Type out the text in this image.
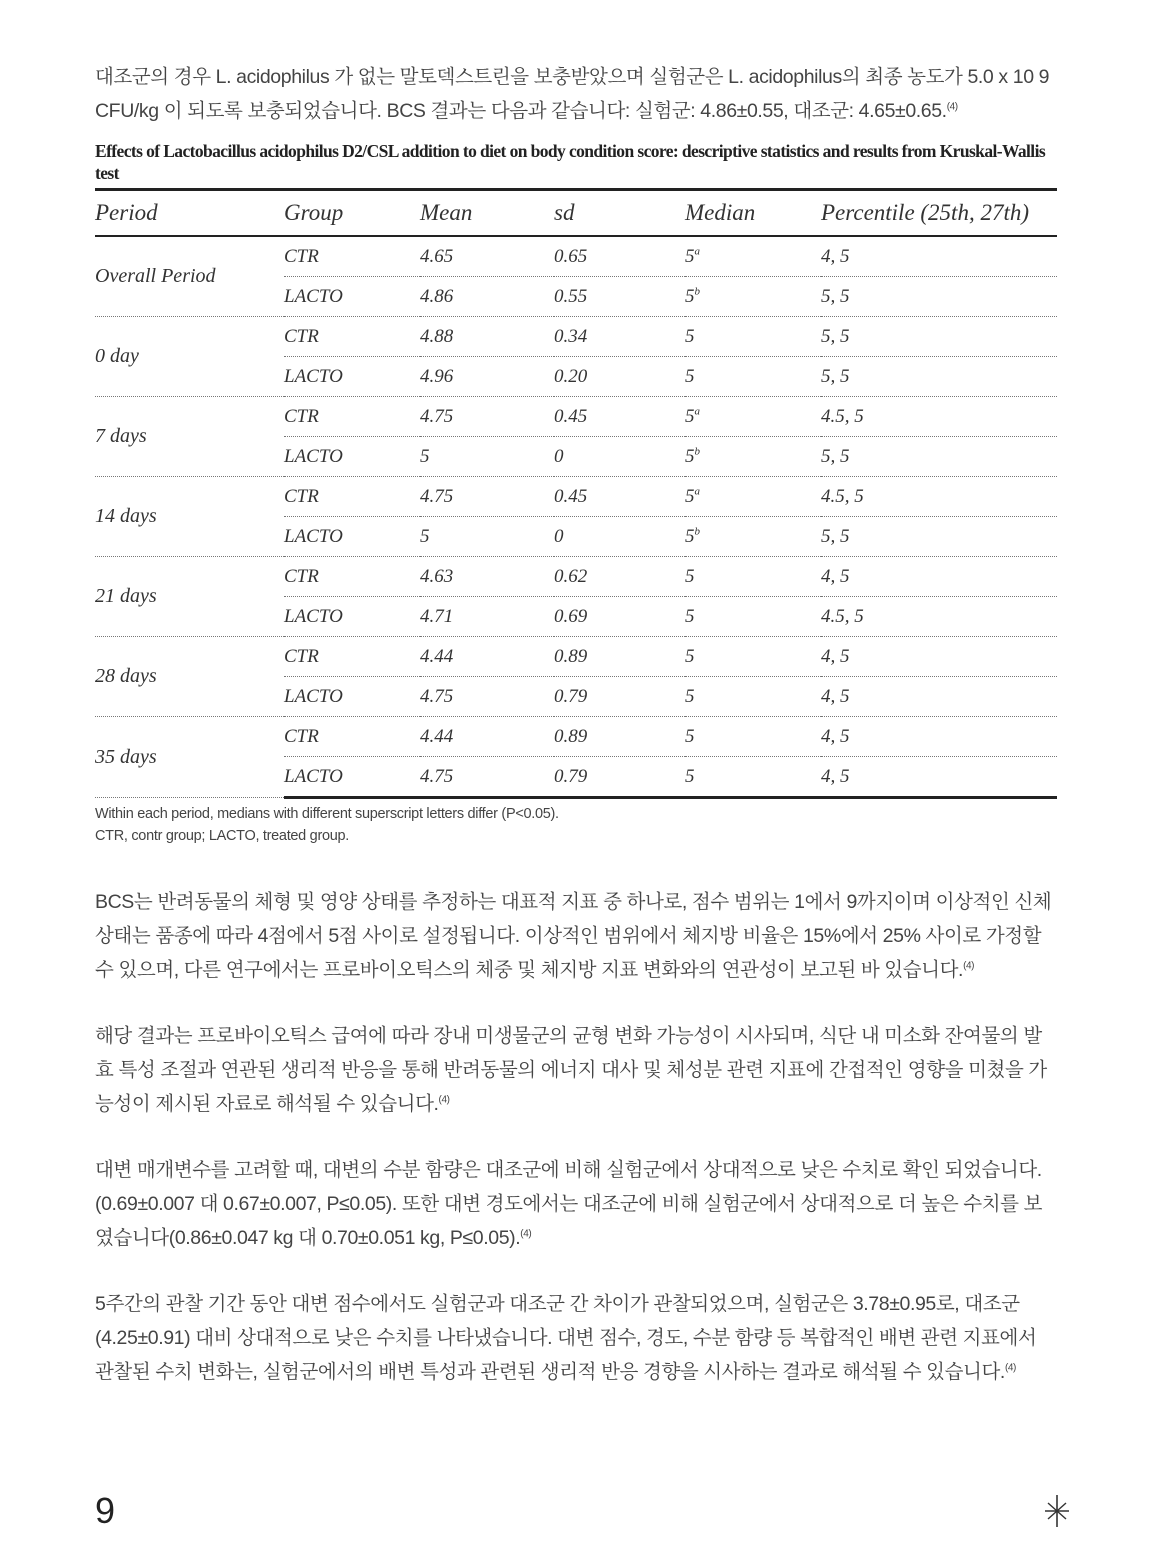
대조군의 경우 L. acidophilus 가 없는 말토덱스트린을 보충받았으며 실험군은 L. acidophilus의 최종 농도가 5.0 x 10 9 CFU/kg 이 되도록 보충되었습니다. BCS 결과는 다음과 같습니다: 실험군: 4.86±0.55, 대조군: 4.65±0.65.$^{(4)}$

Effects of Lactobacillus acidophilus D2/CSL addition to diet on body condition score: descriptive statistics and results from Kruskal-Wallis test

Period	Group	Mean	sd	Median	Percentile (25th, 27th)
Overall Period	CTR	4.65	0.65	5$^a$	4, 5
	LACTO	4.86	0.55	5$^b$	5, 5
0 day	CTR	4.88	0.34	5	5, 5
	LACTO	4.96	0.20	5	5, 5
7 days	CTR	4.75	0.45	5$^a$	4.5, 5
	LACTO	5	0	5$^b$	5, 5
14 days	CTR	4.75	0.45	5$^a$	4.5, 5
	LACTO	5	0	5$^b$	5, 5
21 days	CTR	4.63	0.62	5	4, 5
	LACTO	4.71	0.69	5	4.5, 5
28 days	CTR	4.44	0.89	5	4, 5
	LACTO	4.75	0.79	5	4, 5
35 days	CTR	4.44	0.89	5	4, 5
	LACTO	4.75	0.79	5	4, 5

Within each period, medians with different superscript letters differ (P<0.05).

CTR, contr group; LACTO, treated group.

BCS는 반려동물의 체형 및 영양 상태를 추정하는 대표적 지표 중 하나로, 점수 범위는 1에서 9까지이며 이상적인 신체 상태는 품종에 따라 4점에서 5점 사이로 설정됩니다. 이상적인 범위에서 체지방 비율은 15%에서 25% 사이로 가정할 수 있으며, 다른 연구에서는 프로바이오틱스의 체중 및 체지방 지표 변화와의 연관성이 보고된 바 있습니다.$^{(4)}$

해당 결과는 프로바이오틱스 급여에 따라 장내 미생물군의 균형 변화 가능성이 시사되며, 식단 내 미소화 잔여물의 발효 특성 조절과 연관된 생리적 반응을 통해 반려동물의 에너지 대사 및 체성분 관련 지표에 간접적인 영향을 미쳤을 가능성이 제시된 자료로 해석될 수 있습니다.$^{(4)}$

대변 매개변수를 고려할 때, 대변의 수분 함량은 대조군에 비해 실험군에서 상대적으로 낮은 수치로 확인 되었습니다.(0.69±0.007 대 0.67±0.007, P≤0.05). 또한 대변 경도에서는 대조군에 비해 실험군에서 상대적으로 더 높은 수치를 보였습니다(0.86±0.047 kg 대 0.70±0.051 kg, P≤0.05).$^{(4)}$

5주간의 관찰 기간 동안 대변 점수에서도 실험군과 대조군 간 차이가 관찰되었으며, 실험군은 3.78±0.95로, 대조군(4.25±0.91) 대비 상대적으로 낮은 수치를 나타냈습니다. 대변 점수, 경도, 수분 함량 등 복합적인 배변 관련 지표에서 관찰된 수치 변화는, 실험군에서의 배변 특성과 관련된 생리적 반응 경향을 시사하는 결과로 해석될 수 있습니다.$^{(4)}$

9
